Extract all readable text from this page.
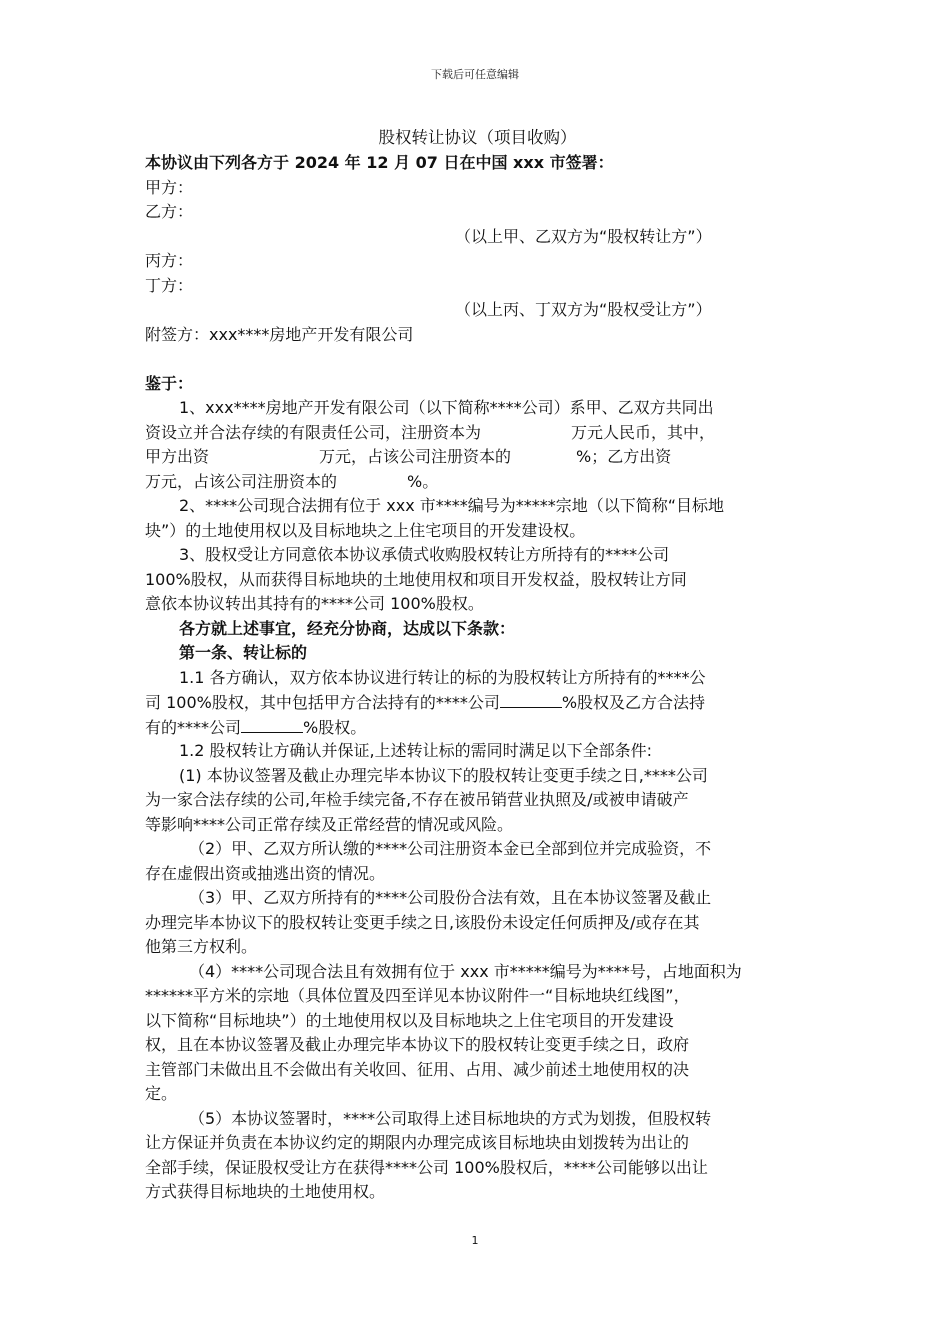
下载后可任意编辑
股权转让协议（项目收购）
本协议由下列各方于 2024 年 12 月 07 日在中国 xxx 市签署：
甲方：
乙方：
（以上甲、乙双方为“股权转让方”）
丙方：
丁方：
（以上丙、丁双方为“股权受让方”）
附签方：xxx****房地产开发有限公司
鉴于：
1、xxx****房地产开发有限公司（以下简称****公司）系甲、乙双方共同出
资设立并合法存续的有限责任公司，注册资本为	万元人民币，其中，
甲方出资	万元，占该公司注册资本的	%；乙方出资
万元，占该公司注册资本的	%。
2、****公司现合法拥有位于 xxx 市****编号为*****宗地（以下简称“目标地
块”）的土地使用权以及目标地块之上住宅项目的开发建设权。
3、股权受让方同意依本协议承债式收购股权转让方所持有的****公司
100%股权，从而获得目标地块的土地使用权和项目开发权益，股权转让方同
意依本协议转出其持有的****公司 100%股权。
各方就上述事宜，经充分协商，达成以下条款：
第一条、转让标的
1.1 各方确认，双方依本协议进行转让的标的为股权转让方所持有的****公
司 100%股权，其中包括甲方合法持有的****公司	%股权及乙方合法持
有的****公司	%股权。
1.2 股权转让方确认并保证,上述转让标的需同时满足以下全部条件:
(1) 本协议签署及截止办理完毕本协议下的股权转让变更手续之日,****公司
为一家合法存续的公司,年检手续完备,不存在被吊销营业执照及/或被申请破产
等影响****公司正常存续及正常经营的情况或风险。
（2）甲、乙双方所认缴的****公司注册资本金已全部到位并完成验资，不
存在虚假出资或抽逃出资的情况。
（3）甲、乙双方所持有的****公司股份合法有效，且在本协议签署及截止
办理完毕本协议下的股权转让变更手续之日,该股份未设定任何质押及/或存在其
他第三方权利。
（4）****公司现合法且有效拥有位于 xxx 市*****编号为****号，占地面积为
******平方米的宗地（具体位置及四至详见本协议附件一“目标地块红线图”，
以下简称“目标地块”）的土地使用权以及目标地块之上住宅项目的开发建设
权，且在本协议签署及截止办理完毕本协议下的股权转让变更手续之日，政府
主管部门未做出且不会做出有关收回、征用、占用、减少前述土地使用权的决
定。
（5）本协议签署时，****公司取得上述目标地块的方式为划拨，但股权转
让方保证并负责在本协议约定的期限内办理完成该目标地块由划拨转为出让的
全部手续，保证股权受让方在获得****公司 100%股权后，****公司能够以出让
方式获得目标地块的土地使用权。
1
